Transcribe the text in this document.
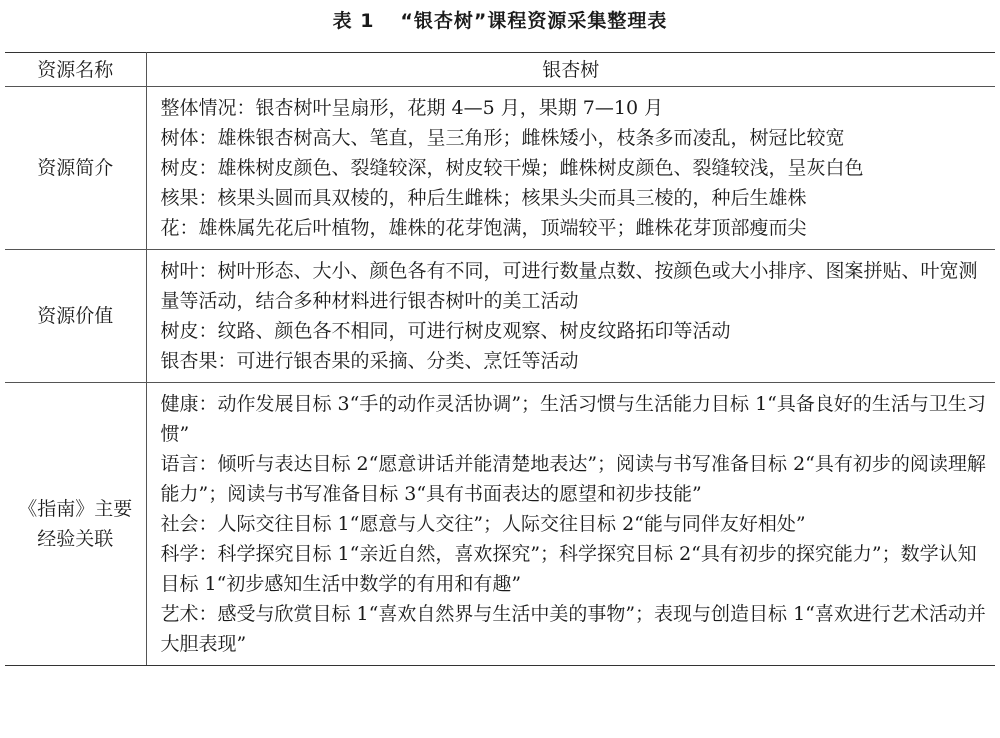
表 1 “银杏树”课程资源采集整理表
资源名称	银杏树
资源简介	整体情况：银杏树叶呈扇形，花期 4—5 月，果期 7—10 月
树体：雄株银杏树高大、笔直，呈三角形；雌株矮小，枝条多而凌乱，树冠比较宽
树皮：雄株树皮颜色、裂缝较深，树皮较干燥；雌株树皮颜色、裂缝较浅，呈灰白色
核果：核果头圆而具双棱的，种后生雌株；核果头尖而具三棱的，种后生雄株
花：雄株属先花后叶植物，雄株的花芽饱满，顶端较平；雌株花芽顶部瘦而尖

资源价值	树叶：树叶形态、大小、颜色各有不同，可进行数量点数、按颜色或大小排序、图案拼贴、叶宽测量等活动，结合多种材料进行银杏树叶的美工活动
树皮：纹路、颜色各不相同，可进行树皮观察、树皮纹路拓印等活动
银杏果：可进行银杏果的采摘、分类、烹饪等活动

《指南》主要经验关联	健康：动作发展目标 3“手的动作灵活协调”；生活习惯与生活能力目标 1“具备良好的生活与卫生习惯”
语言：倾听与表达目标 2“愿意讲话并能清楚地表达”；阅读与书写准备目标 2“具有初步的阅读理解能力”；阅读与书写准备目标 3“具有书面表达的愿望和初步技能”
社会：人际交往目标 1“愿意与人交往”；人际交往目标 2“能与同伴友好相处”
科学：科学探究目标 1“亲近自然，喜欢探究”；科学探究目标 2“具有初步的探究能力”；数学认知目标 1“初步感知生活中数学的有用和有趣”
艺术：感受与欣赏目标 1“喜欢自然界与生活中美的事物”；表现与创造目标 1“喜欢进行艺术活动并大胆表现”
